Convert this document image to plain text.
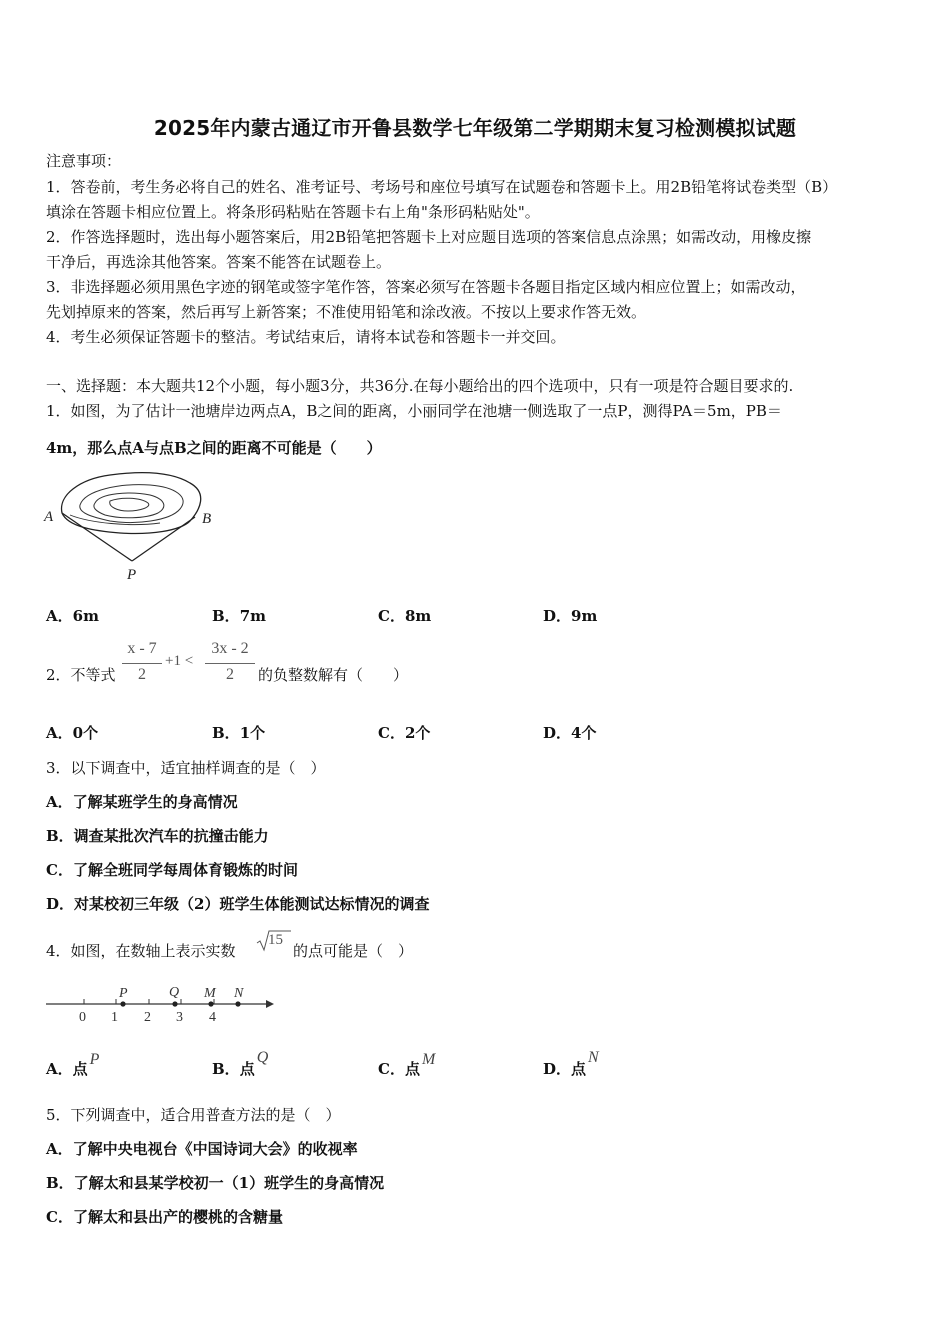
2025年内蒙古通辽市开鲁县数学七年级第二学期期末复习检测模拟试题
注意事项：
1．答卷前，考生务必将自己的姓名、准考证号、考场号和座位号填写在试题卷和答题卡上。用2B铅笔将试卷类型（B）
填涂在答题卡相应位置上。将条形码粘贴在答题卡右上角"条形码粘贴处"。
2．作答选择题时，选出每小题答案后，用2B铅笔把答题卡上对应题目选项的答案信息点涂黑；如需改动，用橡皮擦
干净后，再选涂其他答案。答案不能答在试题卷上。
3．非选择题必须用黑色字迹的钢笔或签字笔作答，答案必须写在答题卡各题目指定区域内相应位置上；如需改动，
先划掉原来的答案，然后再写上新答案；不准使用铅笔和涂改液。不按以上要求作答无效。
4．考生必须保证答题卡的整洁。考试结束后，请将本试卷和答题卡一并交回。
一、选择题：本大题共12个小题，每小题3分，共36分.在每小题给出的四个选项中，只有一项是符合题目要求的.
1．如图，为了估计一池塘岸边两点A，B之间的距离，小丽同学在池塘一侧选取了一点P，测得PA＝5m，PB＝
4m，那么点A与点B之间的距离不可能是（　　）
A	B
P
A．6m	B．7m	C．8m	D．9m
2．不等式
x - 7
2
+1 <
3x - 2
2	的负整数解有（　　）
A．0个	B．1个	C．2个	D．4个
3．以下调查中，适宜抽样调查的是（　）
A．了解某班学生的身高情况
B．调查某批次汽车的抗撞击能力
C．了解全班同学每周体育锻炼的时间
D．对某校初三年级（2）班学生体能测试达标情况的调查
4．如图，在数轴上表示实数
15
的点可能是（　）
0 1 2 3 4
P	Q M N
A．点P
B．点Q
C．点M
D．点N
5．下列调查中，适合用普查方法的是（　）
A．了解中央电视台《中国诗词大会》的收视率
B．了解太和县某学校初一（1）班学生的身高情况
C．了解太和县出产的樱桃的含糖量
